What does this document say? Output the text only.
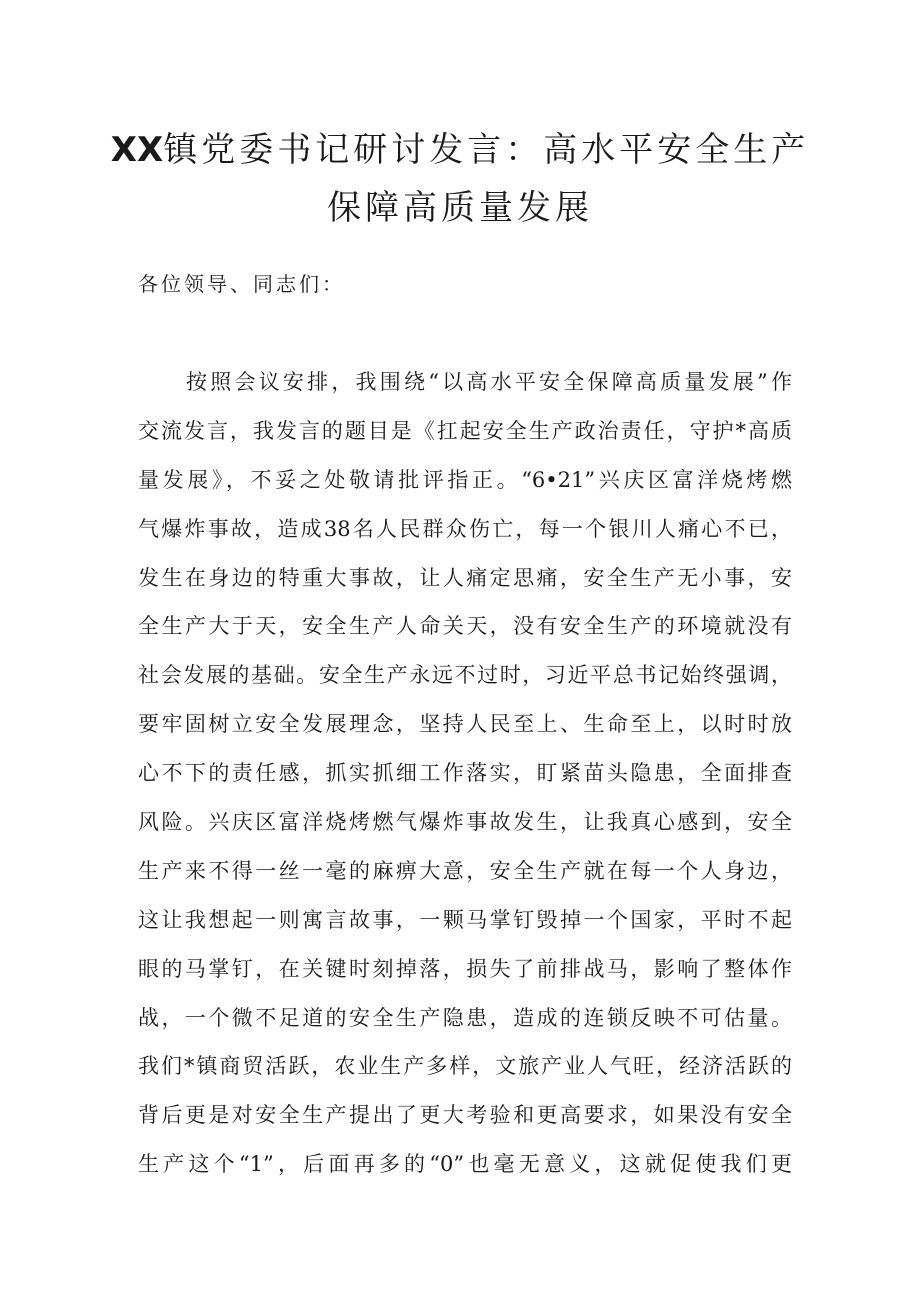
XX镇党委书记研讨发言：高水平安全生产
保障高质量发展

各位领导、同志们：

按照会议安排，我围绕“以高水平安全保障高质量发展”作
交流发言，我发言的题目是《扛起安全生产政治责任，守护*高质
量发展》，不妥之处敬请批评指正。“6•21”兴庆区富洋烧烤燃
气爆炸事故，造成38名人民群众伤亡，每一个银川人痛心不已，
发生在身边的特重大事故，让人痛定思痛，安全生产无小事，安
全生产大于天，安全生产人命关天，没有安全生产的环境就没有
社会发展的基础。安全生产永远不过时，习近平总书记始终强调，
要牢固树立安全发展理念，坚持人民至上、生命至上，以时时放
心不下的责任感，抓实抓细工作落实，盯紧苗头隐患，全面排查
风险。兴庆区富洋烧烤燃气爆炸事故发生，让我真心感到，安全
生产来不得一丝一毫的麻痹大意，安全生产就在每一个人身边，
这让我想起一则寓言故事，一颗马掌钉毁掉一个国家，平时不起
眼的马掌钉，在关键时刻掉落，损失了前排战马，影响了整体作
战，一个微不足道的安全生产隐患，造成的连锁反映不可估量。
我们*镇商贸活跃，农业生产多样，文旅产业人气旺，经济活跃的
背后更是对安全生产提出了更大考验和更高要求，如果没有安全
生产这个“1”，后面再多的“0”也毫无意义，这就促使我们更
